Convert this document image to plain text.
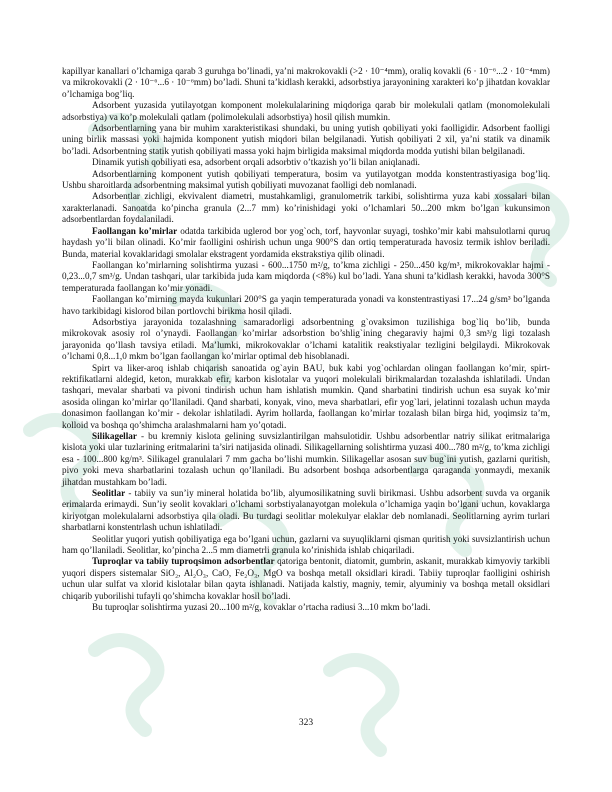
kapillyar kanallari o’lchamiga qarab 3 guruhga bo’linadi, ya’ni makrokovakli (>2 · 10⁻⁴mm), oraliq kovakli (6 · 10⁻⁶...2 · 10⁻⁴mm) va mikrokovakli (2 · 10⁻⁶...6 · 10⁻⁶mm) bo’ladi. Shuni ta’kidlash kerakki, adsorbstiya jarayonining xarakteri ko’p jihatdan kovaklar o’lchamiga bog’liq.

Adsorbent yuzasida yutilayotgan komponent molekulalarining miqdoriga qarab bir molekulali qatlam (monomolekulali adsorbstiya) va ko’p molekulali qatlam (polimolekulali adsorbstiya) hosil qilish mumkin.

Adsorbentlarning yana bir muhim xarakteristikasi shundaki, bu uning yutish qobiliyati yoki faolligidir. Adsorbent faolligi uning birlik massasi yoki hajmida komponent yutish miqdori bilan belgilanadi. Yutish qobiliyati 2 xil, ya’ni statik va dinamik bo’ladi. Adsorbentning statik yutish qobiliyati massa yoki hajm birligida maksimal miqdorda modda yutishi bilan belgilanadi.

Dinamik yutish qobiliyati esa, adsorbent orqali adsorbtiv o’tkazish yo’li bilan aniqlanadi.

Adsorbentlarning komponent yutish qobiliyati temperatura, bosim va yutilayotgan modda konstentrastiyasiga bog’liq. Ushbu sharoitlarda adsorbentning maksimal yutish qobiliyati muvozanat faolligi deb nomlanadi.

Adsorbentlar zichligi, ekvivalent diametri, mustahkamligi, granulometrik tarkibi, solishtirma yuza kabi xossalari bilan xarakterlanadi. Sanoatda ko’pincha granula (2...7 mm) ko’rinishidagi yoki o’lchamlari 50...200 mkm bo’lgan kukunsimon adsorbentlardan foydalaniladi.

Faollangan ko’mirlar odatda tarkibida uglerod bor yog`och, torf, hayvonlar suyagi, toshko’mir kabi mahsulotlarni quruq haydash yo’li bilan olinadi. Ko’mir faolligini oshirish uchun unga 900°S dan ortiq temperaturada havosiz termik ishlov beriladi. Bunda, material kovaklaridagi smolalar ekstragent yordamida ekstrakstiya qilib olinadi.

Faollangan ko’mirlarning solishtirma yuzasi - 600...1750 m²/g, to’kma zichligi - 250...450 kg/m³, mikrokovaklar hajmi - 0,23...0,7 sm³/g. Undan tashqari, ular tarkibida juda kam miqdorda (<8%) kul bo’ladi. Yana shuni ta’kidlash kerakki, havoda 300°S temperaturada faollangan ko’mir yonadi.

Faollangan ko’mirning mayda kukunlari 200°S ga yaqin temperaturada yonadi va konstentrastiyasi 17...24 g/sm³ bo’lganda havo tarkibidagi kislorod bilan portlovchi birikma hosil qiladi.

Adsorbstiya jarayonida tozalashning samaradorligi adsorbentning g`ovaksimon tuzilishiga bog`liq bo’lib, bunda mikrokovak asosiy rol o’ynaydi. Faollangan ko’mirlar adsorbstion bo’shlig`ining chegaraviy hajmi 0,3 sm³/g ligi tozalash jarayonida qo’llash tavsiya etiladi. Ma’lumki, mikrokovaklar o’lchami katalitik reakstiyalar tezligini belgilaydi. Mikrokovak o’lchami 0,8...1,0 mkm bo’lgan faollangan ko’mirlar optimal deb hisoblanadi.

Spirt va liker-aroq ishlab chiqarish sanoatida og`ayin BAU, buk kabi yog`ochlardan olingan faollangan ko’mir, spirt-rektifikatlarni aldegid, keton, murakkab efir, karbon kislotalar va yuqori molekulali birikmalardan tozalashda ishlatiladi. Undan tashqari, mevalar sharbati va pivoni tindirish uchun ham ishlatish mumkin. Qand sharbatini tindirish uchun esa suyak ko’mir asosida olingan ko’mirlar qo’llaniladi. Qand sharbati, konyak, vino, meva sharbatlari, efir yog`lari, jelatinni tozalash uchun mayda donasimon faollangan ko’mir - dekolar ishlatiladi. Ayrim hollarda, faollangan ko’mirlar tozalash bilan birga hid, yoqimsiz ta’m, kolloid va boshqa qo’shimcha aralashmalarni ham yo’qotadi.

Silikagellar - bu kremniy kislota gelining suvsizlantirilgan mahsulotidir. Ushbu adsorbentlar natriy silikat eritmalariga kislota yoki ular tuzlarining eritmalarini ta’siri natijasida olinadi. Silikagellarning solishtirma yuzasi 400...780 m²/g, to’kma zichligi esa - 100...800 kg/m³. Silikagel granulalari 7 mm gacha bo’lishi mumkin. Silikagellar asosan suv bug`ini yutish, gazlarni quritish, pivo yoki meva sharbatlarini tozalash uchun qo’llaniladi. Bu adsorbent boshqa adsorbentlarga qaraganda yonmaydi, mexanik jihatdan mustahkam bo’ladi.

Seolitlar - tabiiy va sun’iy mineral holatida bo’lib, alyumosilikatning suvli birikmasi. Ushbu adsorbent suvda va organik erimalarda erimaydi. Sun’iy seolit kovaklari o’lchami sorbstiyalanayotgan molekula o’lchamiga yaqin bo’lgani uchun, kovaklarga kiriyotgan molekulalarni adsorbstiya qila oladi. Bu turdagi seolitlar molekulyar elaklar deb nomlanadi. Seolitlarning ayrim turlari sharbatlarni konstentrlash uchun ishlatiladi.

Seolitlar yuqori yutish qobiliyatiga ega bo’lgani uchun, gazlarni va suyuqliklarni qisman quritish yoki suvsizlantirish uchun ham qo’llaniladi. Seolitlar, ko’pincha 2...5 mm diametrli granula ko’rinishida ishlab chiqariladi.

Tuproqlar va tabiiy tuproqsimon adsorbentlar qatoriga bentonit, diatomit, gumbrin, askanit, murakkab kimyoviy tarkibli yuqori dispers sistemalar SiO₂, Al₂O₃, CaO, Fe₂O₃, MgO va boshqa metall oksidlari kiradi. Tabiiy tuproqlar faolligini oshirish uchun ular sulfat va xlorid kislotalar bilan qayta ishlanadi. Natijada kalstiy, magniy, temir, alyuminiy va boshqa metall oksidlari chiqarib yuborilishi tufayli qo’shimcha kovaklar hosil bo’ladi.

Bu tuproqlar solishtirma yuzasi 20...100 m²/g, kovaklar o’rtacha radiusi 3...10 mkm bo’ladi.

323
